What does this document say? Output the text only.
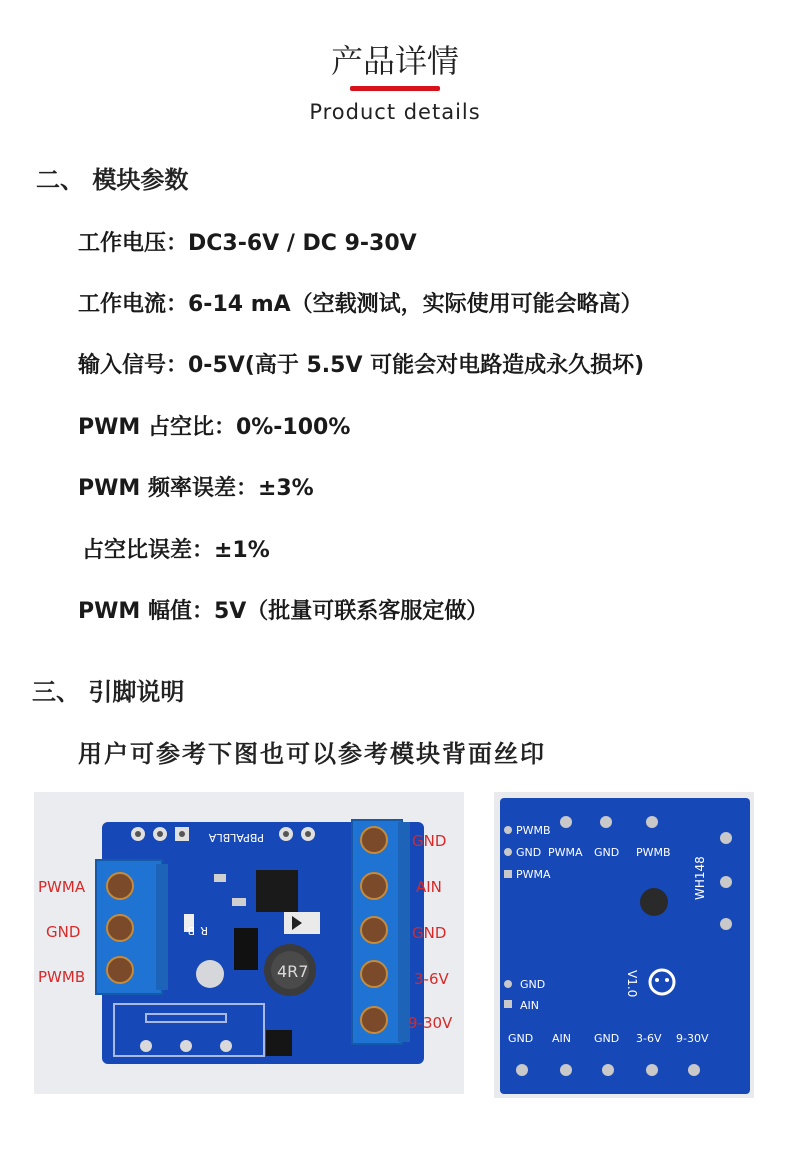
产品详情
Product details
二、 模块参数
工作电压：DC3-6V / DC 9-30V
工作电流：6-14 mA（空载测试，实际使用可能会略高）
输入信号：0-5V(高于 5.5V 可能会对电路造成永久损坏)
PWM 占空比：0%-100%
PWM 频率误差：±3%
占空比误差：±1%
PWM 幅值：5V（批量可联系客服定做）
三、 引脚说明
用户可参考下图也可以参考模块背面丝印
PBPALBLA
4R7
R
B
PWMA
GND
PWMB
GND
AIN
GND
3-6V
9-30V
PWMB
GND PWMA GND PWMB
PWMA	WH148
V1.0
GND
AIN
GND AIN GND 3-6V 9-30V
